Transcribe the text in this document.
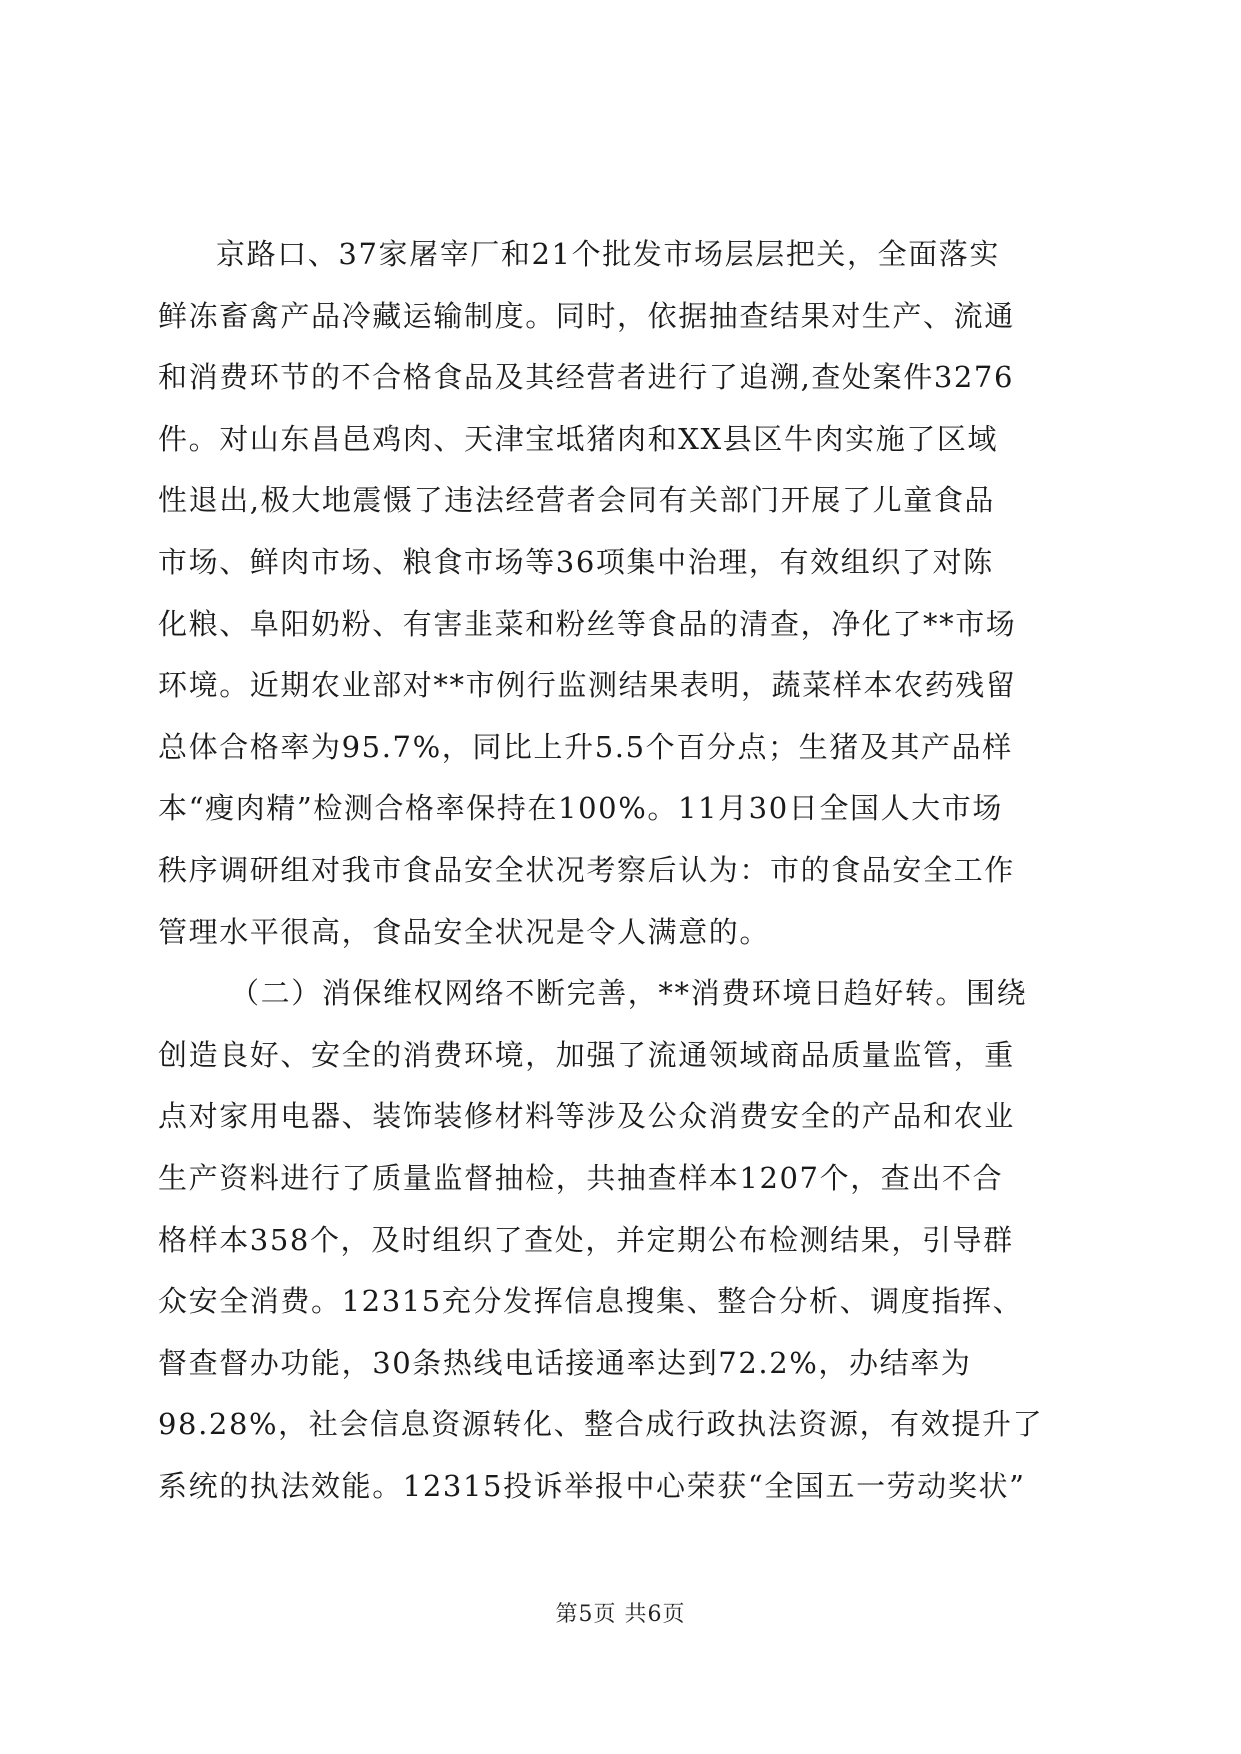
京路口、37家屠宰厂和21个批发市场层层把关，全面落实
鲜冻畜禽产品冷藏运输制度。同时，依据抽查结果对生产、流通
和消费环节的不合格食品及其经营者进行了追溯,查处案件3276
件。对山东昌邑鸡肉、天津宝坻猪肉和XX县区牛肉实施了区域
性退出,极大地震慑了违法经营者会同有关部门开展了儿童食品
市场、鲜肉市场、粮食市场等36项集中治理，有效组织了对陈
化粮、阜阳奶粉、有害韭菜和粉丝等食品的清查，净化了**市场
环境。近期农业部对**市例行监测结果表明，蔬菜样本农药残留
总体合格率为95.7%，同比上升5.5个百分点；生猪及其产品样
本“瘦肉精”检测合格率保持在100%。11月30日全国人大市场
秩序调研组对我市食品安全状况考察后认为：市的食品安全工作
管理水平很高，食品安全状况是令人满意的。
（二）消保维权网络不断完善，**消费环境日趋好转。围绕
创造良好、安全的消费环境，加强了流通领域商品质量监管，重
点对家用电器、装饰装修材料等涉及公众消费安全的产品和农业
生产资料进行了质量监督抽检，共抽查样本1207个，查出不合
格样本358个，及时组织了查处，并定期公布检测结果，引导群
众安全消费。12315充分发挥信息搜集、整合分析、调度指挥、
督查督办功能，30条热线电话接通率达到72.2%，办结率为
98.28%，社会信息资源转化、整合成行政执法资源，有效提升了
系统的执法效能。12315投诉举报中心荣获“全国五一劳动奖状”
第5页 共6页
